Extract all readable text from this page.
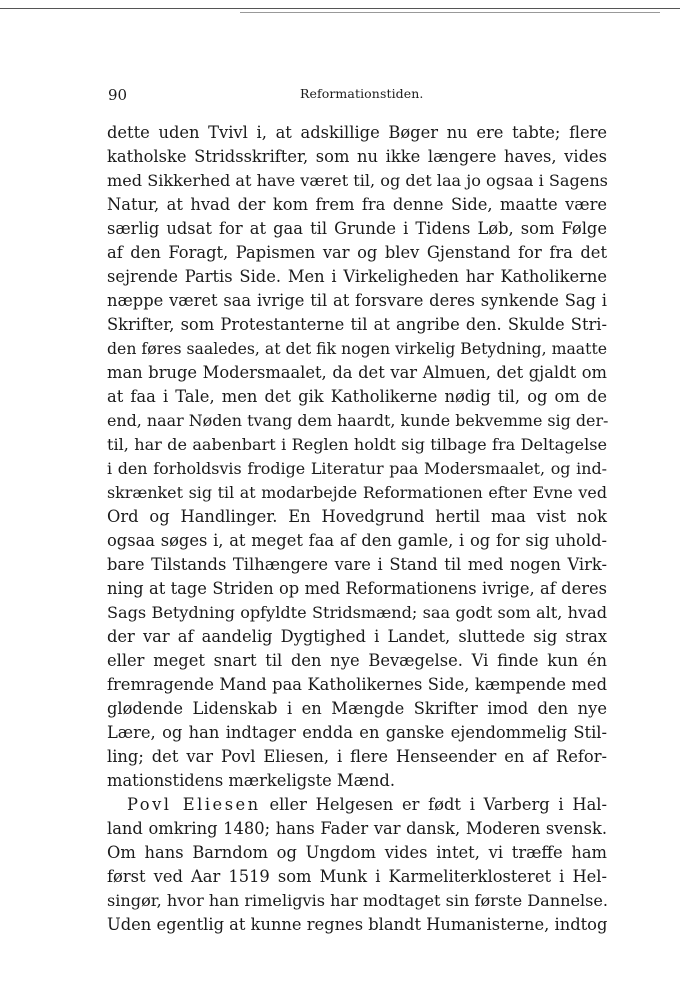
90	Reformationstiden.
dette uden Tvivl i, at adskillige Bøger nu ere tabte; flere
katholske Stridsskrifter, som nu ikke længere haves, vides
med Sikkerhed at have været til, og det laa jo ogsaa i Sagens
Natur, at hvad der kom frem fra denne Side, maatte være
særlig udsat for at gaa til Grunde i Tidens Løb, som Følge
af den Foragt, Papismen var og blev Gjenstand for fra det
sejrende Partis Side. Men i Virkeligheden har Katholikerne
næppe været saa ivrige til at forsvare deres synkende Sag i
Skrifter, som Protestanterne til at angribe den. Skulde Stri-
den føres saaledes, at det fik nogen virkelig Betydning, maatte
man bruge Modersmaalet, da det var Almuen, det gjaldt om
at faa i Tale, men det gik Katholikerne nødig til, og om de
end, naar Nøden tvang dem haardt, kunde bekvemme sig der-
til, har de aabenbart i Reglen holdt sig tilbage fra Deltagelse
i den forholdsvis frodige Literatur paa Modersmaalet, og ind-
skrænket sig til at modarbejde Reformationen efter Evne ved
Ord og Handlinger. En Hovedgrund hertil maa vist nok
ogsaa søges i, at meget faa af den gamle, i og for sig uhold-
bare Tilstands Tilhængere vare i Stand til med nogen Virk-
ning at tage Striden op med Reformationens ivrige, af deres
Sags Betydning opfyldte Stridsmænd; saa godt som alt, hvad
der var af aandelig Dygtighed i Landet, sluttede sig strax
eller meget snart til den nye Bevægelse. Vi finde kun én
fremragende Mand paa Katholikernes Side, kæmpende med
glødende Lidenskab i en Mængde Skrifter imod den nye
Lære, og han indtager endda en ganske ejendommelig Stil-
ling; det var Povl Eliesen, i flere Henseender en af Refor-
mationstidens mærkeligste Mænd.
Povl Eliesen eller Helgesen er født i Varberg i Hal-
land omkring 1480; hans Fader var dansk, Moderen svensk.
Om hans Barndom og Ungdom vides intet, vi træffe ham
først ved Aar 1519 som Munk i Karmeliterklosteret i Hel-
singør, hvor han rimeligvis har modtaget sin første Dannelse.
Uden egentlig at kunne regnes blandt Humanisterne, indtog
